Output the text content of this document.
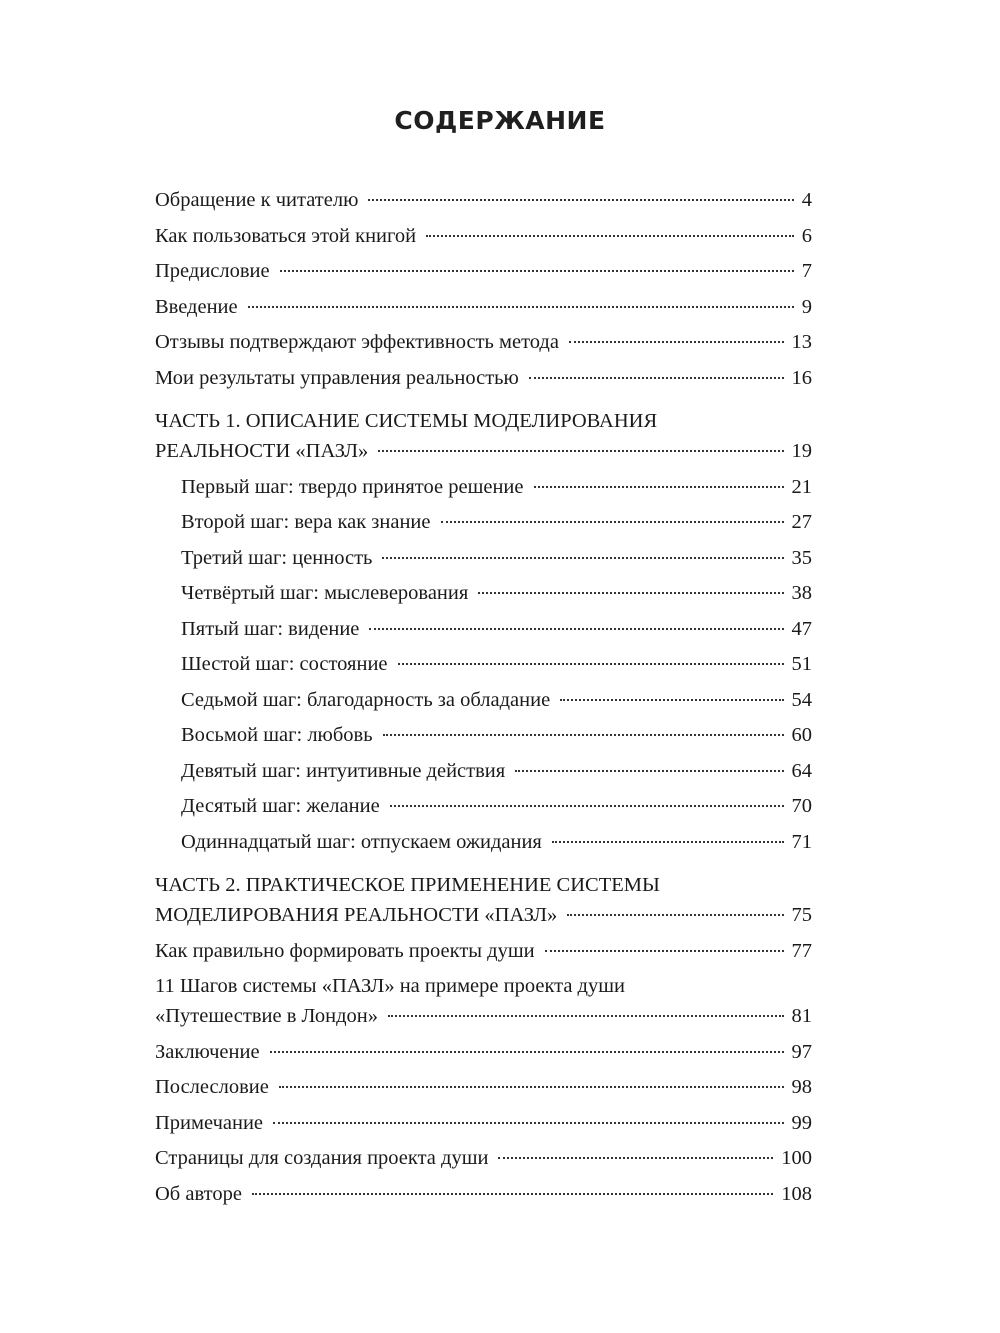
СОДЕРЖАНИЕ
Обращение к читателю	4
Как пользоваться этой книгой	6
Предисловие	7
Введение	9
Отзывы подтверждают эффективность метода	13
Мои результаты управления реальностью	16
ЧАСТЬ 1. ОПИСАНИЕ СИСТЕМЫ МОДЕЛИРОВАНИЯ
РЕАЛЬНОСТИ «ПАЗЛ»	19
Первый шаг: твердо принятое решение	21
Второй шаг: вера как знание	27
Третий шаг: ценность	35
Четвёртый шаг: мыслеверования	38
Пятый шаг: видение	47
Шестой шаг: состояние	51
Седьмой шаг: благодарность за обладание	54
Восьмой шаг: любовь	60
Девятый шаг: интуитивные действия	64
Десятый шаг: желание	70
Одиннадцатый шаг: отпускаем ожидания	71
ЧАСТЬ 2. ПРАКТИЧЕСКОЕ ПРИМЕНЕНИЕ СИСТЕМЫ
МОДЕЛИРОВАНИЯ РЕАЛЬНОСТИ «ПАЗЛ»	75
Как правильно формировать проекты души	77
11 Шагов системы «ПАЗЛ» на примере проекта души
«Путешествие в Лондон»	81
Заключение	97
Послесловие	98
Примечание	99
Страницы для создания проекта души	100
Об авторе	108
